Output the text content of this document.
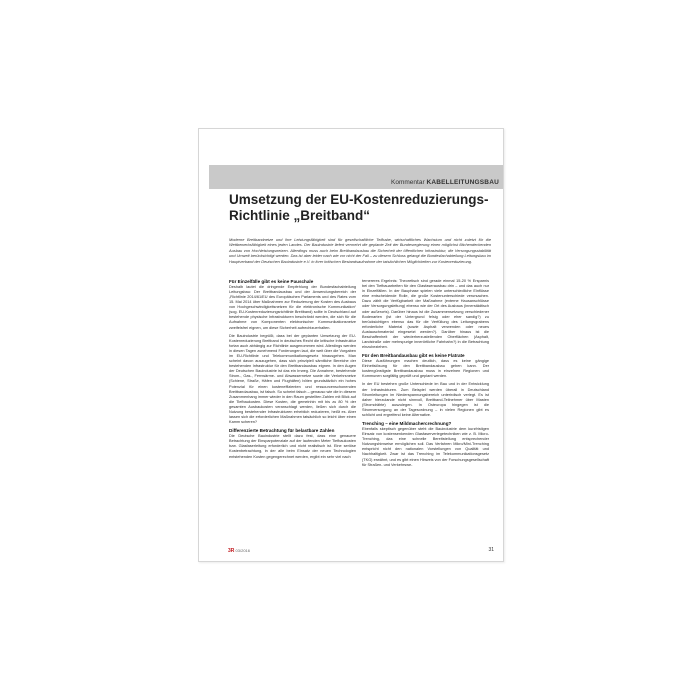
Kommentar KABELLEITUNGSBAU
Umsetzung der EU-Kostenreduzierungs-
Richtlinie „Breitband“
Moderne Breitbandnetze und ihre Leistungsfähigkeit sind für gesellschaftliche Teilhabe, wirtschaftliches Wachstum und nicht zuletzt für die Wettbewerbsfähigkeit eines jeden Landes. Der Bauindustrie liefert vermehrt die geplante Zeit der Bundesregierung einen möglichst flächendeckenden Ausbau von Hochleistungsnetzen. Allerdings muss auch beim Breitbandausbau die Sicherheit der öffentlichen Infrastruktur, die Versorgungsstabilität und Umwelt berücksichtigt werden. Das ist aber leider nach wie vor nicht der Fall – zu diesem Schluss gelangt die Bundesfachabteilung Leitungsbau im Hauptverband der Deutschen Bauindustrie e.V. in ihrer kritischen Bestandsaufnahme der tatsächlichen Möglichkeiten zur Kostenreduzierung.
Für Einzelfälle gibt es keine Pauschale

Deshalb lautet die dringende Empfehlung der Bundesfachabteilung Leitungsbau: Der Breitbandausbau und der Anwendungsbereich der „Richtlinie 2014/61/EU des Europäischen Parlaments und des Rates vom 15. Mai 2014 über Maßnahmen zur Reduzierung der Kosten des Ausbaus von Hochgeschwindigkeitsnetzen für die elektronische Kommunikation“ (sog. EU-Kostenreduzierungsrichtlinie Breitband) sollte in Deutschland auf bestehende physische Infrastrukturen beschränkt werden, die sich für die Aufnahme von Komponenten elektronischer Kommunikationsnetze zweifelsfrei eignen, um diese Sicherheit aufrechtzuerhalten.

Die Bauindustrie begrüßt, dass bei der geplanten Umsetzung der EU-Kostenreduzierung Breitband in deutsches Recht die kritische Infrastruktur fortan auch abhängig zur Richtlinie ausgenommen wird. Allerdings werden in diesen Tagen zunehmend Forderungen laut, die weit über die Vorgaben im EU-Richtlinie und Telekommunikationsgesetz hinausgehen. Man scheint davon auszugehen, dass sich prinzipiell sämtliche Bereiche der bestehenden Infrastruktur für den Breitbandausbau eignen. In den Augen der Deutschen Bauindustrie ist das ein Irrweg. Die Annahme, bestehende Strom-, Gas-, Fernwärme- und Abwassernetze sowie die Verkehrsnetze (Schiene, Straße, Häfen und Flughäfen) böten grundsätzlich ein hohes Potenzial für einen kosteneffizienten und ressourcenschonenden Breitbandausbau, ist falsch. So scheint falsch – genauso wie die in diesem Zusammenhang immer wieder in den Raum gestellten Zahlen mit Blick auf die Tiefbaukosten. Diese Kosten, die gemeinhin mit bis zu 80 % der gesamten Ausbaukosten veranschlagt werden, ließen sich durch die Nutzung bestehender Infrastrukturen erheblich reduzieren, heißt es. Aber lassen sich die erforderlichen Maßnahmen tatsächlich so leicht über einen Kamm scheren?

Differenzierte Betrachtung für belastbare Zahlen

Die Deutsche Bauindustrie stellt dazu fest, dass eine genauere Betrachtung der Einsparpotenziale auf der laufenden Meter Tiefbaukosten bzw. Glasfaserleitung erforderlich und nicht realistisch ist. Eine seriöse Kostenbetrachtung, in der alle beim Einsatz der neuen Technologien entstehenden Kosten gegengerechnet werden, ergibt ein sehr viel nach

ternereres Ergebnis: Theoretisch sind gerade einmal 15-20 % Ersparnis bei den Tiefbauarbeiten für den Glasfaserausbau drin – und das auch nur in Einzelfällen. In der Bauphase spielen viele unterschiedliche Einflüsse eine entscheidende Rolle, die große Kostenunterschiede verursachen. Dazu zählt die Verfügbarkeit der Maßnahme (externe Hausanschlüsse oder Versorgungsleitung) ebenso wie der Ort des Ausbaus (innerstädtisch oder außerorts). Darüber hinaus ist die Zusammensetzung verschiedener Bodenarten (ist der Untergrund felsig oder eher sandig?) zu berücksichtigen ebenso das für die Verfüllung des Leitungsgrabens erforderliche Material (sowie Asphalt verwenden oder neues Austauschmaterial eingesetzt werden?). Darüber hinaus ist die Beschaffenheit der wiederherzustellenden Oberflächen (Asphalt, Landstraße oder mehrspurige innerörtliche Fahrbahn?) in die Betrachtung einzubeziehen.

Für den Breitbandausbau gibt es keine Flatrate

Diese Ausführungen machen deutlich, dass es keine gängige Einheitslösung für den Breitbandausbau geben kann. Der kostengünstigste Breitbandausbau muss in einzelnen Regionen und Kommunen sorgfältig geprüft und geplant werden.

In der EU bestehen große Unterschiede im Bau und in der Entwicklung der Infrastrukturen. Zum Beispiel werden überall in Deutschland Stromleitungen im Niederspannungsbereich unterirdisch verlegt. Es ist daher hierzulande nicht sinnvoll, Breitband-Teilnehmer über Masten (Stromdrähte) auszulegen. In Osteuropa hingegen ist die Stromversorgung an der Tagesordnung – in vielen Regionen gibt es schlicht und ergreifend keine Alternative.

Trenching – eine Mildmachercrechnung?

Ebenfalls skeptisch gegenüber steht die Bauindustrie dem kurzfristigen Einsatz von kostensenkenden Glasfaserverlegetechniken wie z. B. Micro-Trenching, das eine schnelle Bereitstellung entsprechender Nutzungshinweise ermöglichen soll. Das Verfahren Mikro/Mini-Trenching entspricht nicht den nationalen Vorstellungen von Qualität und Nachhaltigkeit. Zwar ist das Trenching im Telekommunikationsgesetz (TKG) erwähnt, und es gibt einen Hinweis von der Forschungsgesellschaft für Straßen- und Verkehrswe-

3R 03/2016	31
